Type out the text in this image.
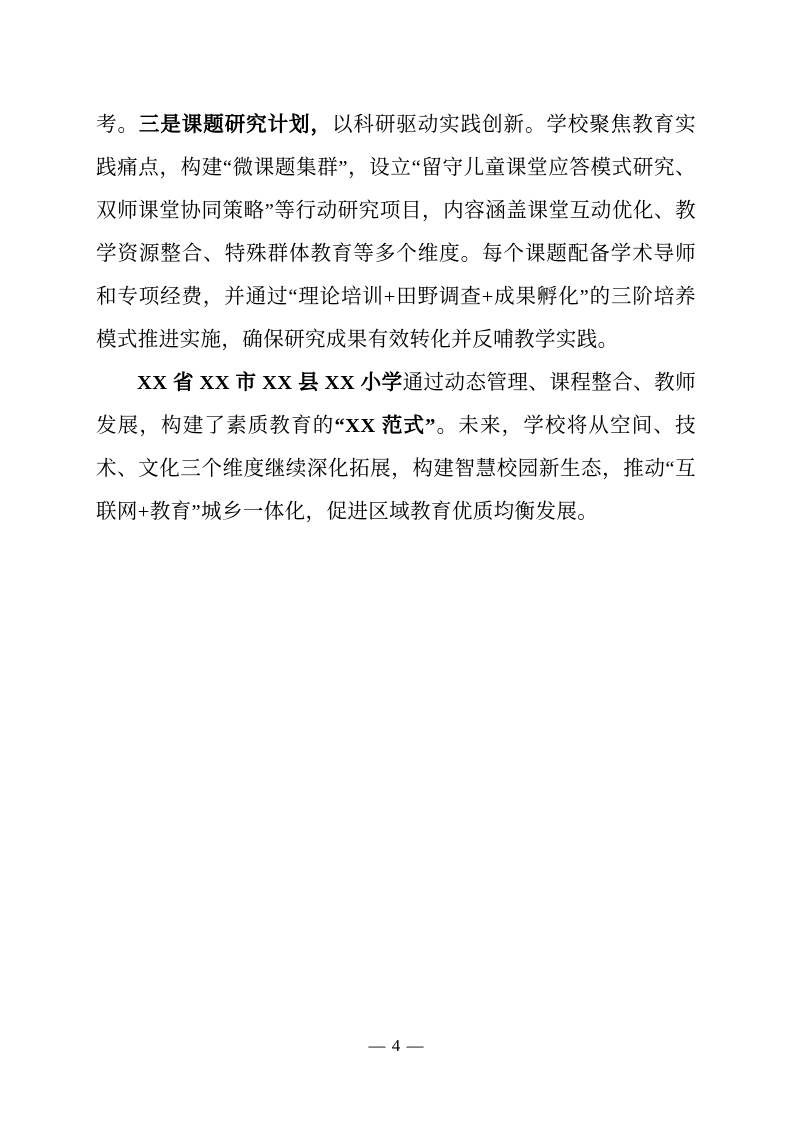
考。三是课题研究计划，以科研驱动实践创新。学校聚焦教育实践痛点，构建“微课题集群”，设立“留守儿童课堂应答模式研究、双师课堂协同策略”等行动研究项目，内容涵盖课堂互动优化、教学资源整合、特殊群体教育等多个维度。每个课题配备学术导师和专项经费，并通过“理论培训+田野调查+成果孵化”的三阶培养模式推进实施，确保研究成果有效转化并反哺教学实践。

XX 省 XX 市 XX 县 XX 小学通过动态管理、课程整合、教师发展，构建了素质教育的“XX 范式”。未来，学校将从空间、技术、文化三个维度继续深化拓展，构建智慧校园新生态，推动“互联网+教育”城乡一体化，促进区域教育优质均衡发展。

— 4 —
